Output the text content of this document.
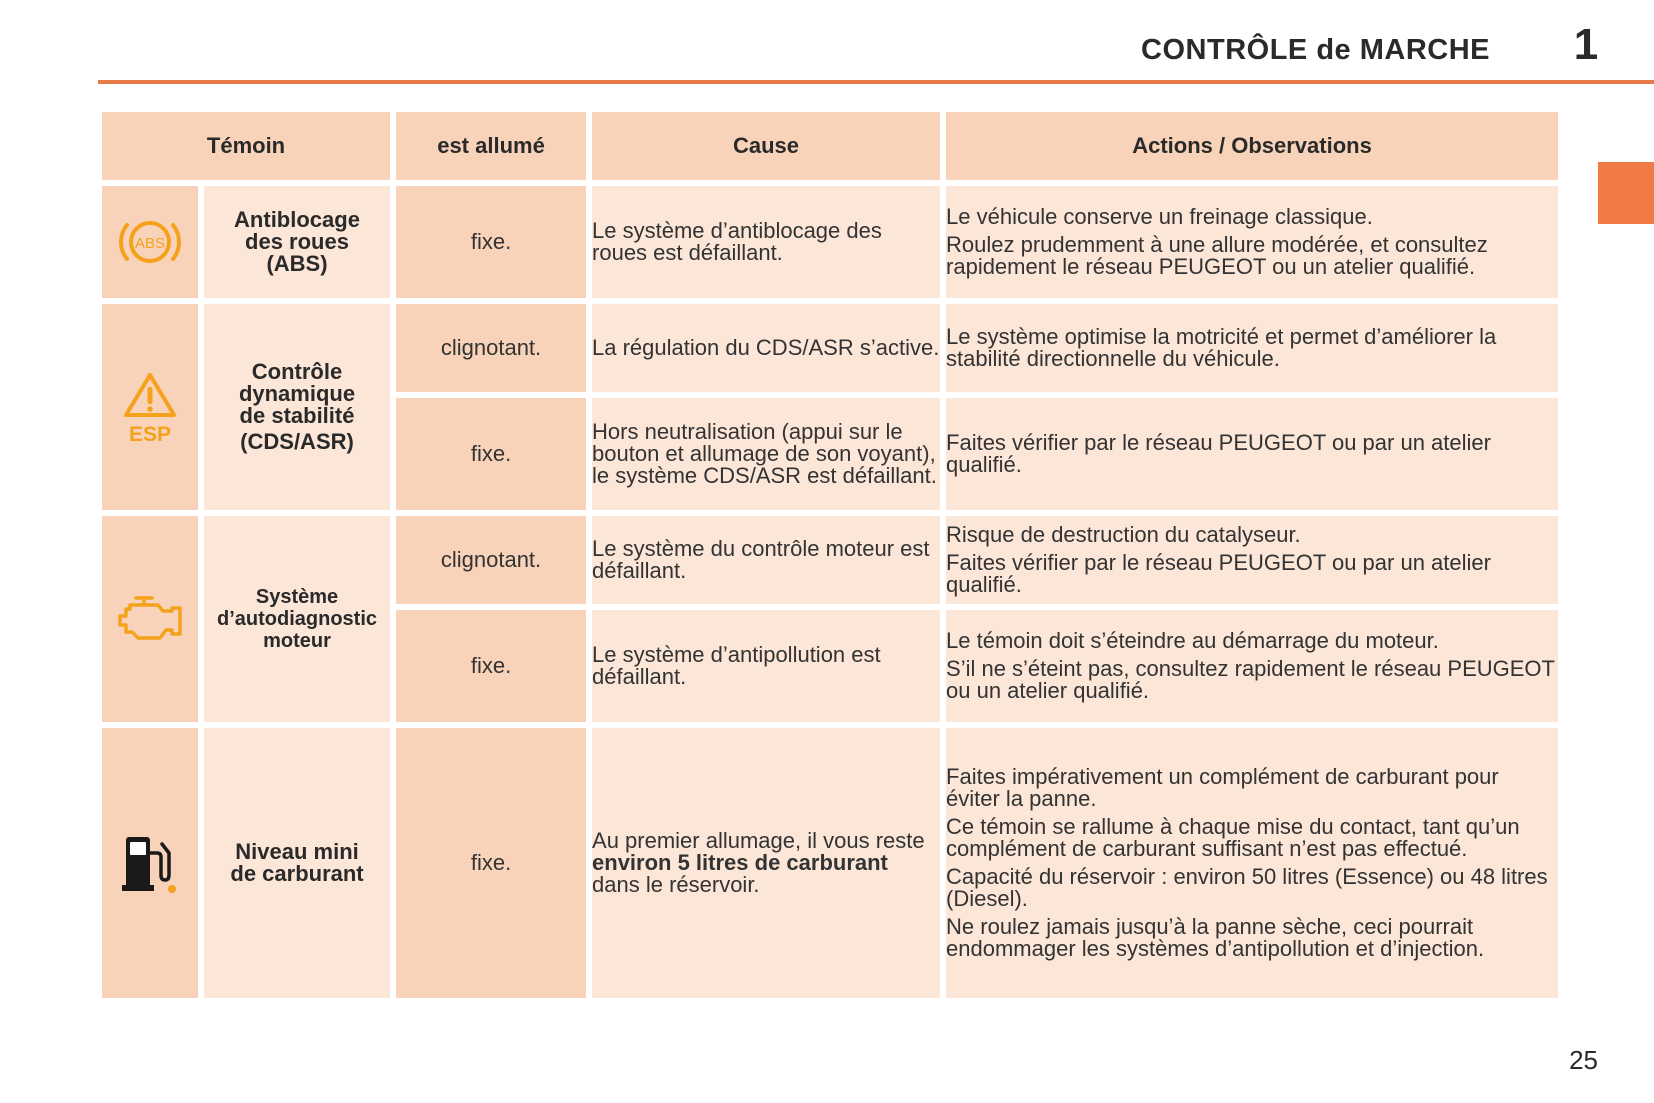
CONTRÔLE de MARCHE 1
Témoin		est allumé	Cause	Actions / Observations

ABS	Antiblocage
des roues
(ABS)	fixe.	Le système d’antiblocage des roues est défaillant.	Le véhicule conserve un freinage classique.
Roulez prudemment à une allure modérée, et consultez rapidement le réseau PEUGEOT ou un atelier qualifié.

ESP	Contrôle
dynamique
de stabilité
(CDS/ASR)	clignotant.	La régulation du CDS/ASR s’active.	Le système optimise la motricité et permet d’améliorer la stabilité directionnelle du véhicule.

		fixe.	Hors neutralisation (appui sur le bouton et allumage de son voyant), le système CDS/ASR est défaillant.	Faites vérifier par le réseau PEUGEOT ou par un atelier qualifié.

Système
d’autodiagnostic
moteur	clignotant.	Le système du contrôle moteur est défaillant.	Risque de destruction du catalyseur.
Faites vérifier par le réseau PEUGEOT ou par un atelier qualifié.

		fixe.	Le système d’antipollution est défaillant.	Le témoin doit s’éteindre au démarrage du moteur.
S’il ne s’éteint pas, consultez rapidement le réseau PEUGEOT ou un atelier qualifié.

Niveau mini
de carburant	fixe.	Au premier allumage, il vous reste environ 5 litres de carburant dans le réservoir.	Faites impérativement un complément de carburant pour éviter la panne.
Ce témoin se rallume à chaque mise du contact, tant qu’un complément de carburant suffisant n’est pas effectué.
Capacité du réservoir : environ 50 litres (Essence) ou 48 litres (Diesel).
Ne roulez jamais jusqu’à la panne sèche, ceci pourrait endommager les systèmes d’antipollution et d’injection.
25
